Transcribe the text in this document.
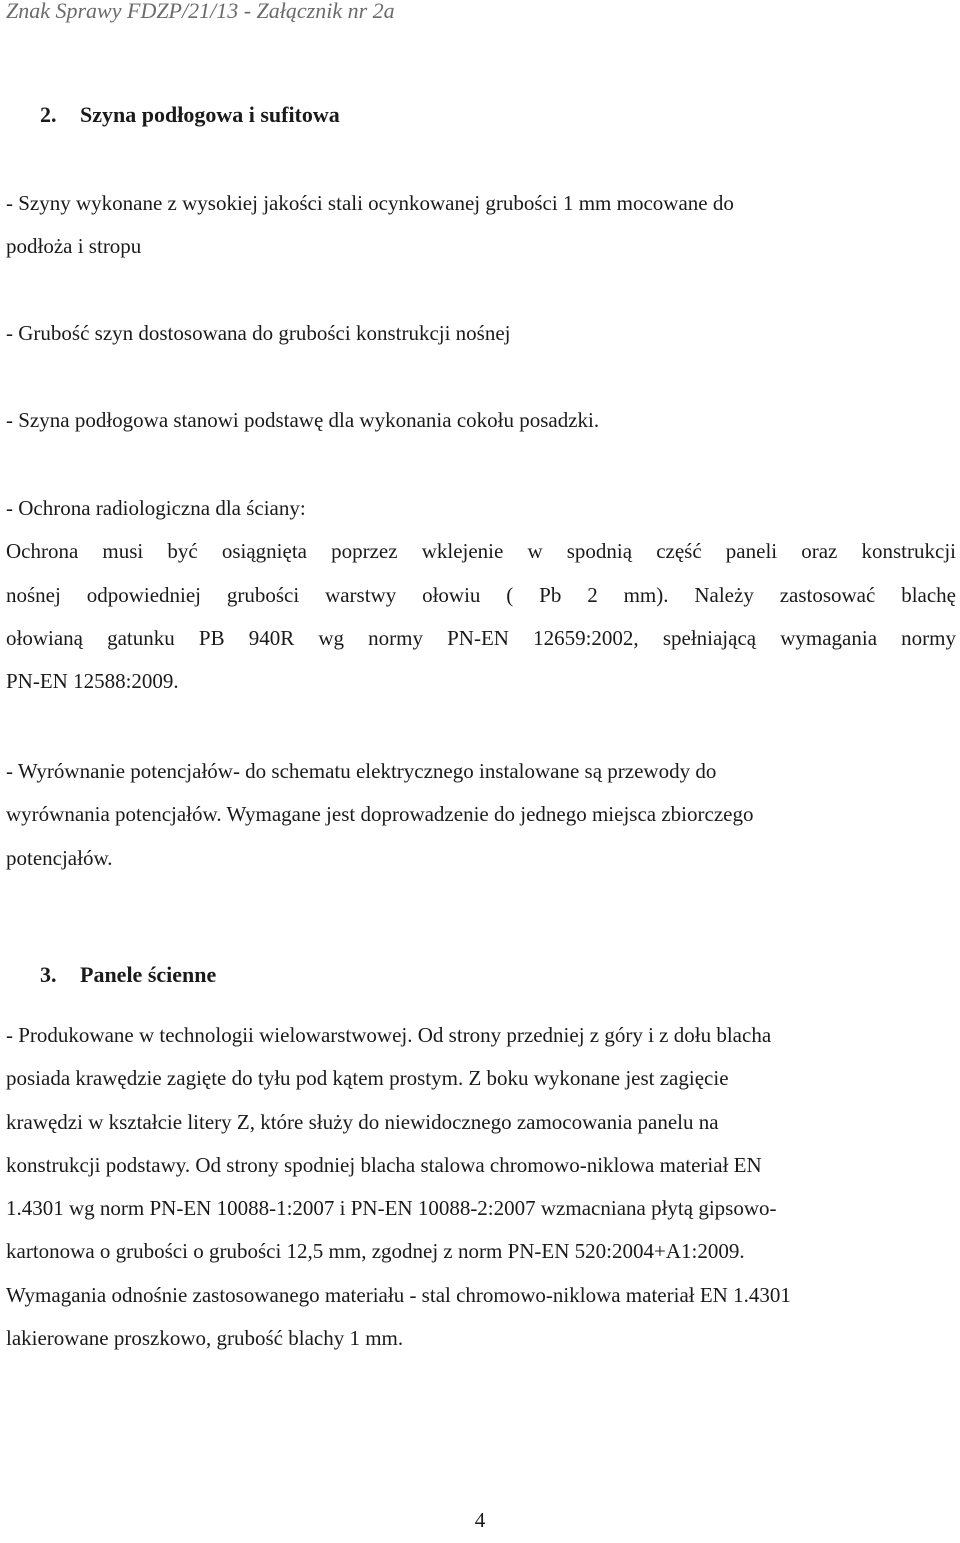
Znak Sprawy FDZP/21/13 - Załącznik nr 2a
2. Szyna podłogowa i sufitowa
- Szyny wykonane z wysokiej jakości stali ocynkowanej grubości 1 mm mocowane do
podłoża i stropu
- Grubość szyn dostosowana do grubości konstrukcji nośnej
- Szyna podłogowa stanowi podstawę dla wykonania cokołu posadzki.
- Ochrona radiologiczna dla ściany:
Ochrona musi być osiągnięta poprzez wklejenie w spodnią część paneli oraz konstrukcji
nośnej odpowiedniej grubości warstwy ołowiu ( Pb 2 mm). Należy zastosować blachę
ołowianą gatunku PB 940R wg normy PN-EN 12659:2002, spełniającą wymagania normy
PN-EN 12588:2009.
- Wyrównanie potencjałów- do schematu elektrycznego instalowane są przewody do
wyrównania potencjałów. Wymagane jest doprowadzenie do jednego miejsca zbiorczego
potencjałów.
3. Panele ścienne
- Produkowane w technologii wielowarstwowej. Od strony przedniej z góry i z dołu blacha
posiada krawędzie zagięte do tyłu pod kątem prostym. Z boku wykonane jest zagięcie
krawędzi w kształcie litery Z, które służy do niewidocznego zamocowania panelu na
konstrukcji podstawy. Od strony spodniej blacha stalowa chromowo-niklowa materiał EN
1.4301 wg norm PN-EN 10088-1:2007 i PN-EN 10088-2:2007 wzmacniana płytą gipsowo-
kartonowa o grubości o grubości 12,5 mm, zgodnej z norm PN-EN 520:2004+A1:2009.
Wymagania odnośnie zastosowanego materiału - stal chromowo-niklowa materiał EN 1.4301
lakierowane proszkowo, grubość blachy 1 mm.
4
